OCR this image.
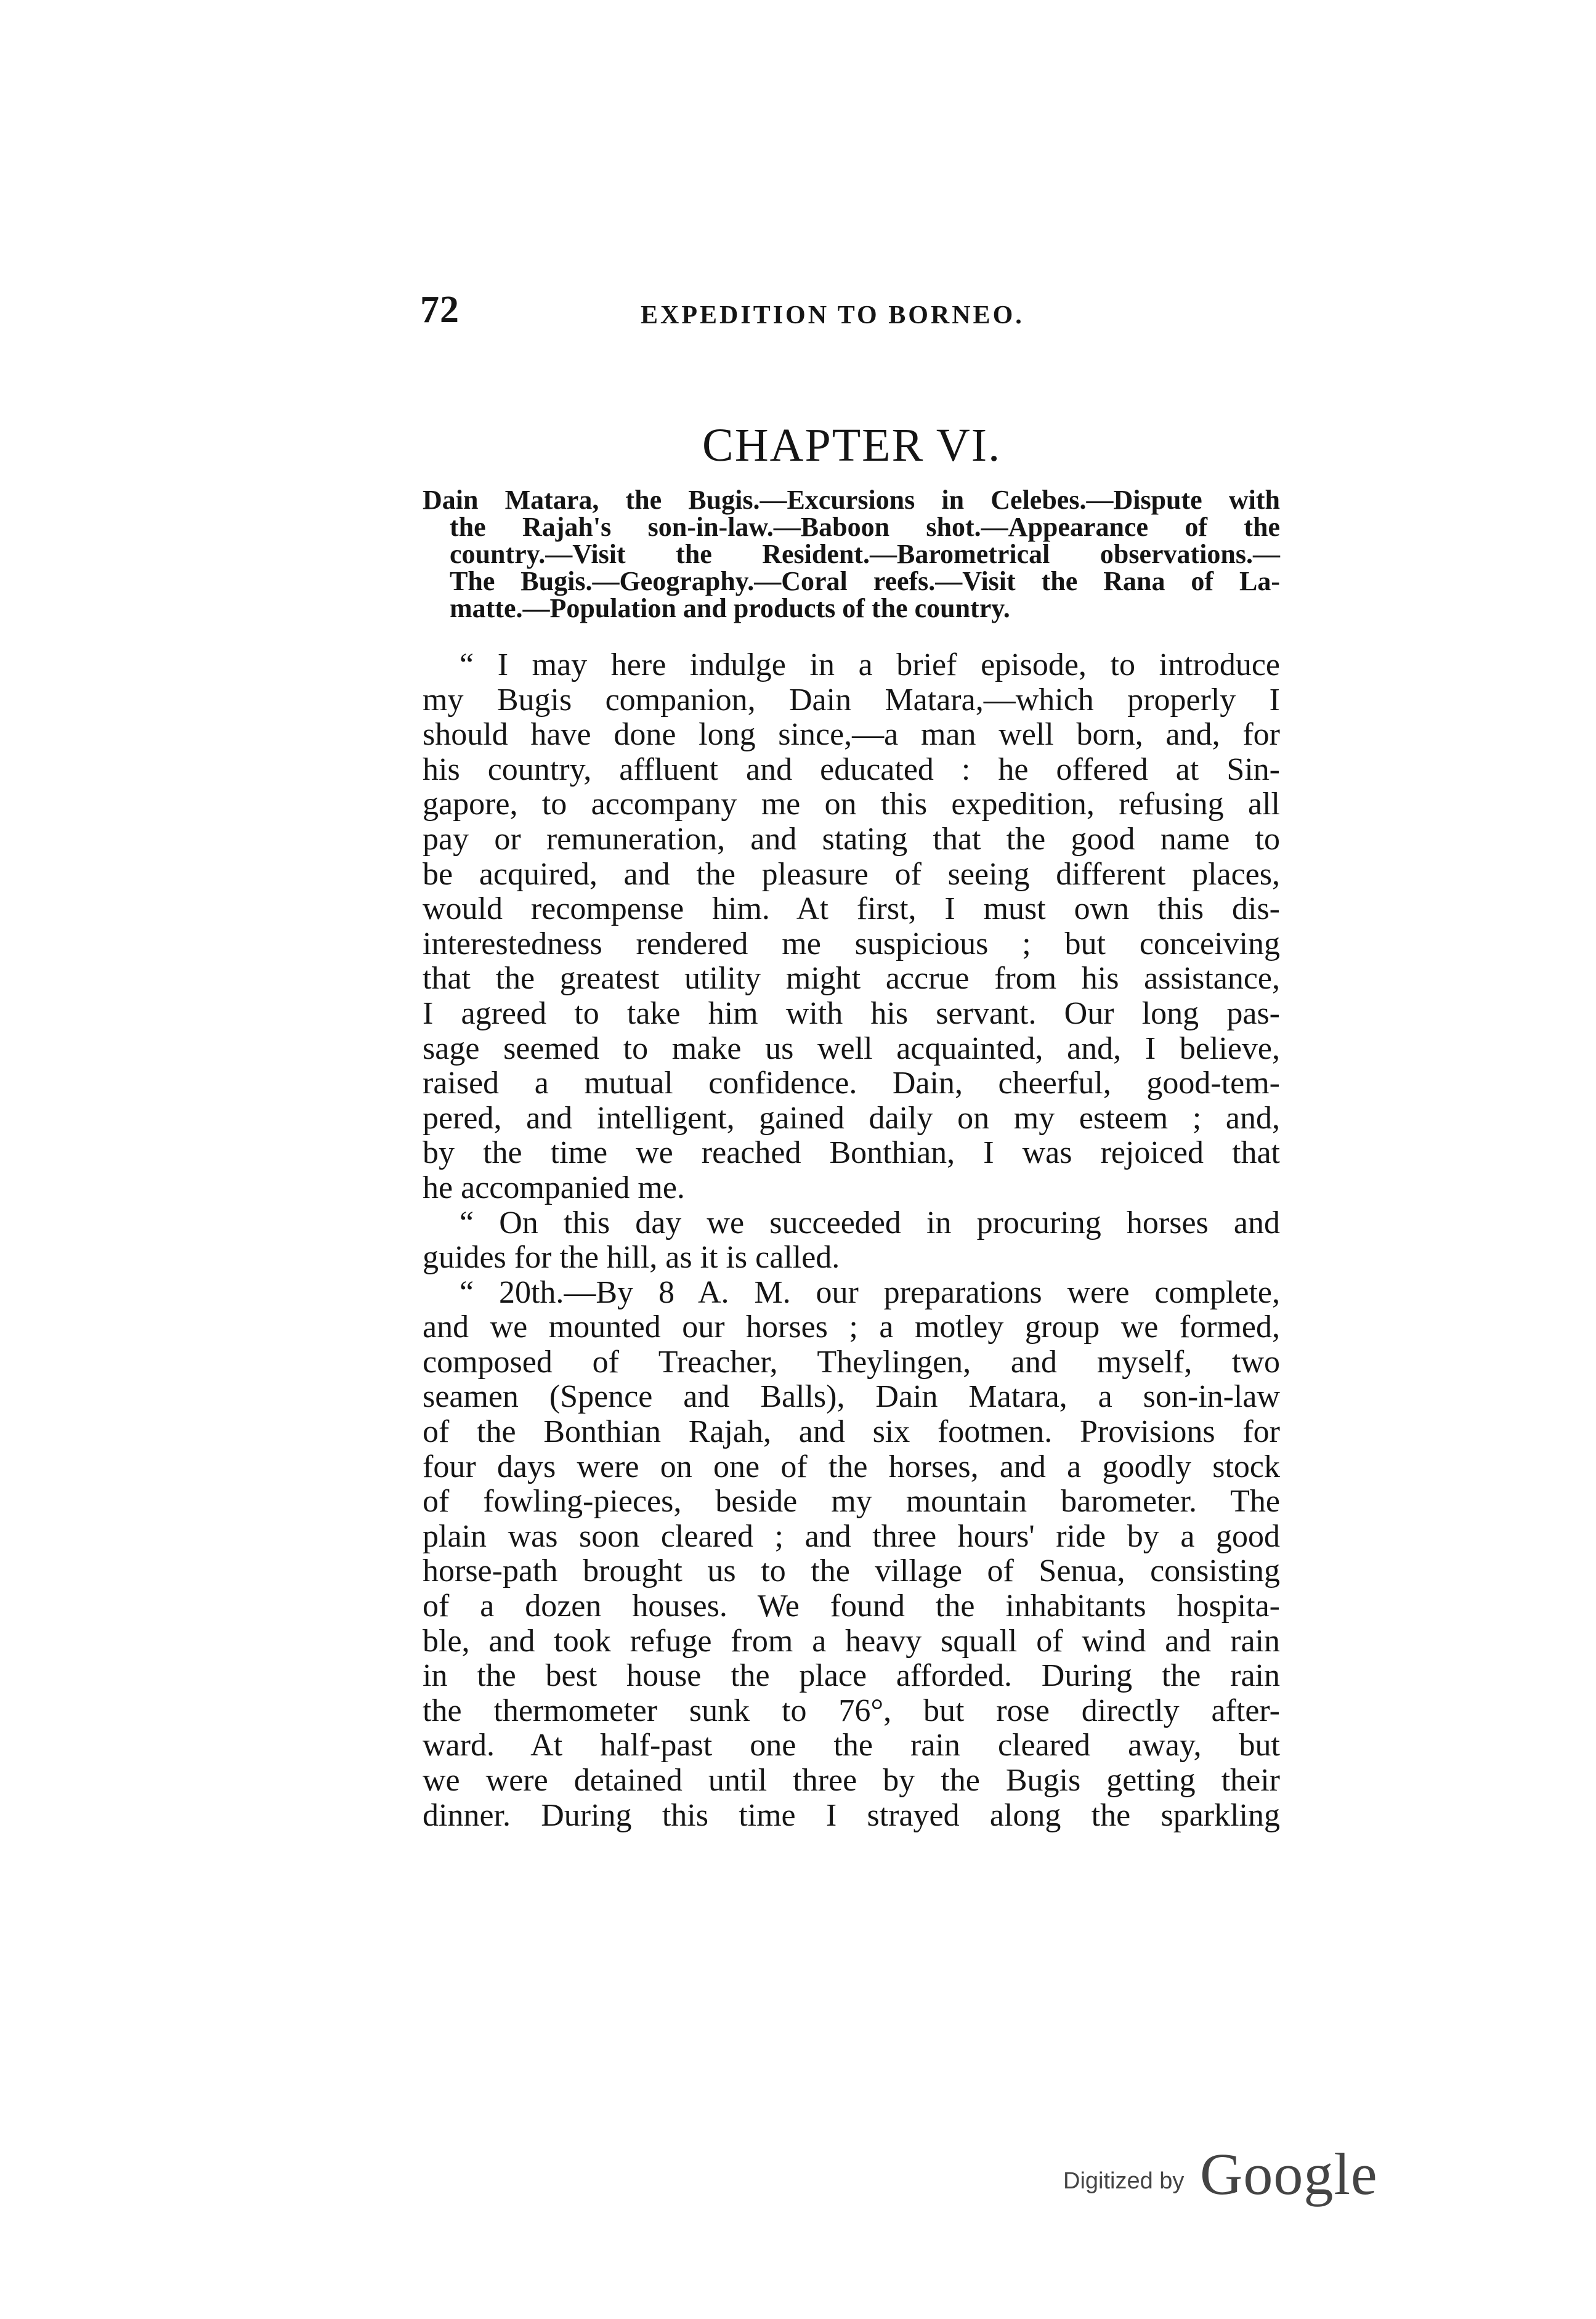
72	EXPEDITION TO BORNEO.
CHAPTER VI.
Dain Matara, the Bugis.—Excursions in Celebes.—Dispute with
the Rajah's son-in-law.—Baboon shot.—Appearance of the
country.—Visit the Resident.—Barometrical observations.—
The Bugis.—Geography.—Coral reefs.—Visit the Rana of La-
matte.—Population and products of the country.
“ I may here indulge in a brief episode, to introduce
my Bugis companion, Dain Matara,—which properly I
should have done long since,—a man well born, and, for
his country, affluent and educated : he offered at Sin-
gapore, to accompany me on this expedition, refusing all
pay or remuneration, and stating that the good name to
be acquired, and the pleasure of seeing different places,
would recompense him. At first, I must own this dis-
interestedness rendered me suspicious ; but conceiving
that the greatest utility might accrue from his assistance,
I agreed to take him with his servant. Our long pas-
sage seemed to make us well acquainted, and, I believe,
raised a mutual confidence. Dain, cheerful, good-tem-
pered, and intelligent, gained daily on my esteem ; and,
by the time we reached Bonthian, I was rejoiced that
he accompanied me.
“ On this day we succeeded in procuring horses and
guides for the hill, as it is called.
“ 20th.—By 8 A. M. our preparations were complete,
and we mounted our horses ; a motley group we formed,
composed of Treacher, Theylingen, and myself, two
seamen (Spence and Balls), Dain Matara, a son-in-law
of the Bonthian Rajah, and six footmen. Provisions for
four days were on one of the horses, and a goodly stock
of fowling-pieces, beside my mountain barometer. The
plain was soon cleared ; and three hours' ride by a good
horse-path brought us to the village of Senua, consisting
of a dozen houses. We found the inhabitants hospita-
ble, and took refuge from a heavy squall of wind and rain
in the best house the place afforded. During the rain
the thermometer sunk to 76°, but rose directly after-
ward. At half-past one the rain cleared away, but
we were detained until three by the Bugis getting their
dinner. During this time I strayed along the sparkling
Digitized by Google
